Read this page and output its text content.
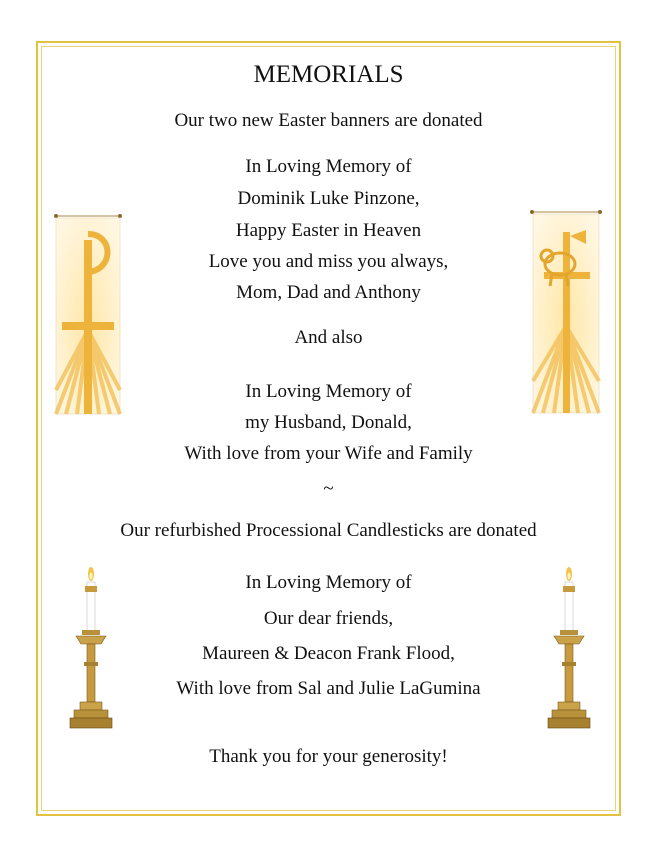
MEMORIALS
Our two new Easter banners are donated
In Loving Memory of
Dominik Luke Pinzone,
Happy Easter in Heaven
Love you and miss you always,
Mom, Dad and Anthony
And also
In Loving Memory of
my Husband, Donald,
With love from your Wife and Family
~
Our refurbished Processional Candlesticks are donated
In Loving Memory of
Our dear friends,
Maureen & Deacon Frank Flood,
With love from Sal and Julie LaGumina
Thank you for your generosity!
